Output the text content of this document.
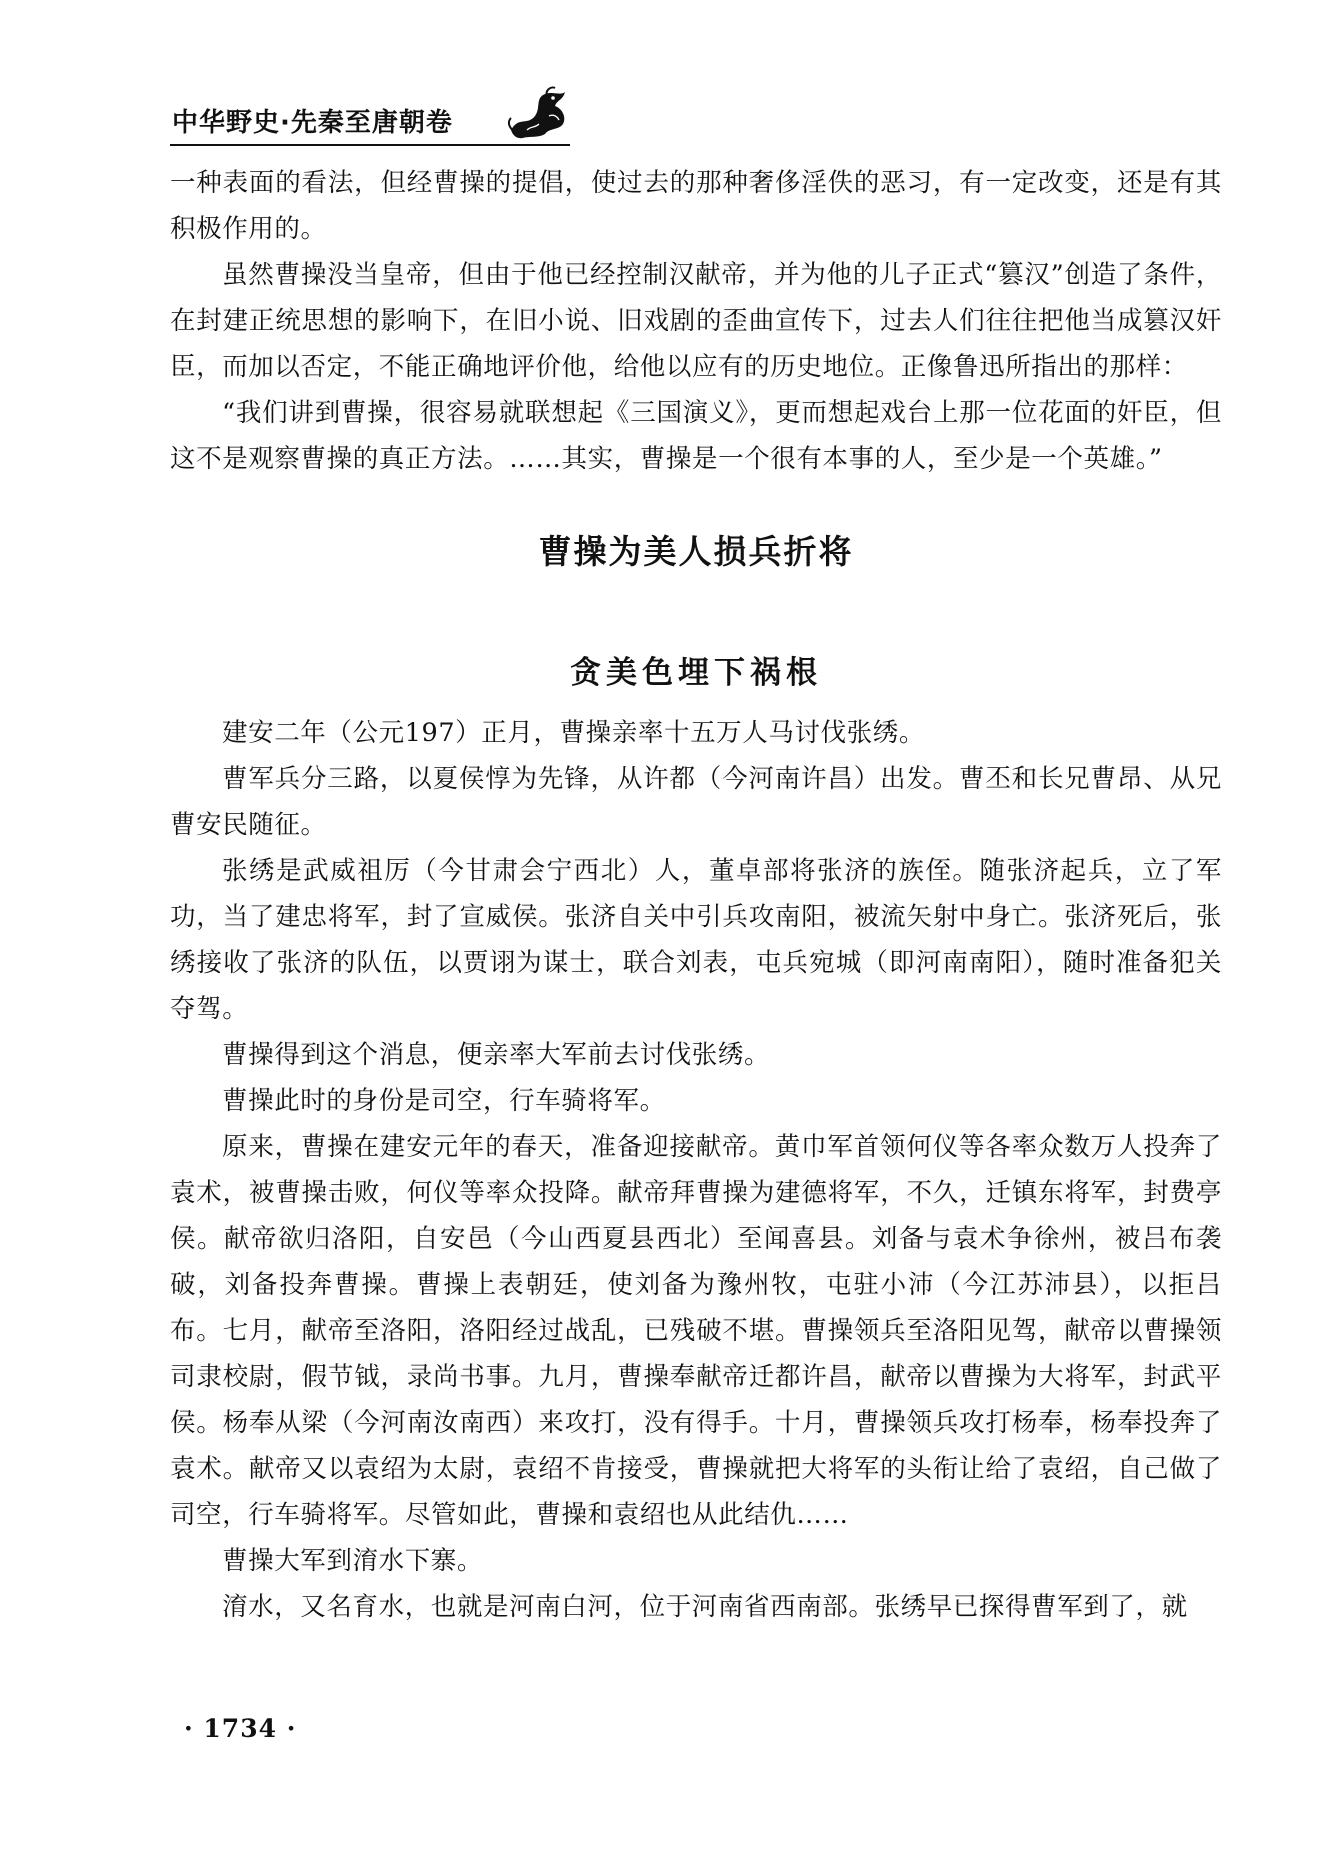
中华野史·先秦至唐朝卷

一种表面的看法，但经曹操的提倡，使过去的那种奢侈淫佚的恶习，有一定改变，还是有其积极作用的。

虽然曹操没当皇帝，但由于他已经控制汉献帝，并为他的儿子正式“篡汉”创造了条件，在封建正统思想的影响下，在旧小说、旧戏剧的歪曲宣传下，过去人们往往把他当成篡汉奸臣，而加以否定，不能正确地评价他，给他以应有的历史地位。正像鲁迅所指出的那样：

“我们讲到曹操，很容易就联想起《三国演义》，更而想起戏台上那一位花面的奸臣，但这不是观察曹操的真正方法。……其实，曹操是一个很有本事的人，至少是一个英雄。”

曹操为美人损兵折将
贪美色埋下祸根

建安二年（公元197）正月，曹操亲率十五万人马讨伐张绣。

曹军兵分三路，以夏侯惇为先锋，从许都（今河南许昌）出发。曹丕和长兄曹昂、从兄曹安民随征。

张绣是武威祖厉（今甘肃会宁西北）人，董卓部将张济的族侄。随张济起兵，立了军功，当了建忠将军，封了宣威侯。张济自关中引兵攻南阳，被流矢射中身亡。张济死后，张绣接收了张济的队伍，以贾诩为谋士，联合刘表，屯兵宛城（即河南南阳），随时准备犯关夺驾。

曹操得到这个消息，便亲率大军前去讨伐张绣。

曹操此时的身份是司空，行车骑将军。

原来，曹操在建安元年的春天，准备迎接献帝。黄巾军首领何仪等各率众数万人投奔了袁术，被曹操击败，何仪等率众投降。献帝拜曹操为建德将军，不久，迁镇东将军，封费亭侯。献帝欲归洛阳，自安邑（今山西夏县西北）至闻喜县。刘备与袁术争徐州，被吕布袭破，刘备投奔曹操。曹操上表朝廷，使刘备为豫州牧，屯驻小沛（今江苏沛县），以拒吕布。七月，献帝至洛阳，洛阳经过战乱，已残破不堪。曹操领兵至洛阳见驾，献帝以曹操领司隶校尉，假节钺，录尚书事。九月，曹操奉献帝迁都许昌，献帝以曹操为大将军，封武平侯。杨奉从梁（今河南汝南西）来攻打，没有得手。十月，曹操领兵攻打杨奉，杨奉投奔了袁术。献帝又以袁绍为太尉，袁绍不肯接受，曹操就把大将军的头衔让给了袁绍，自己做了司空，行车骑将军。尽管如此，曹操和袁绍也从此结仇……

曹操大军到淯水下寨。

淯水，又名育水，也就是河南白河，位于河南省西南部。张绣早已探得曹军到了，就

· 1734 ·
